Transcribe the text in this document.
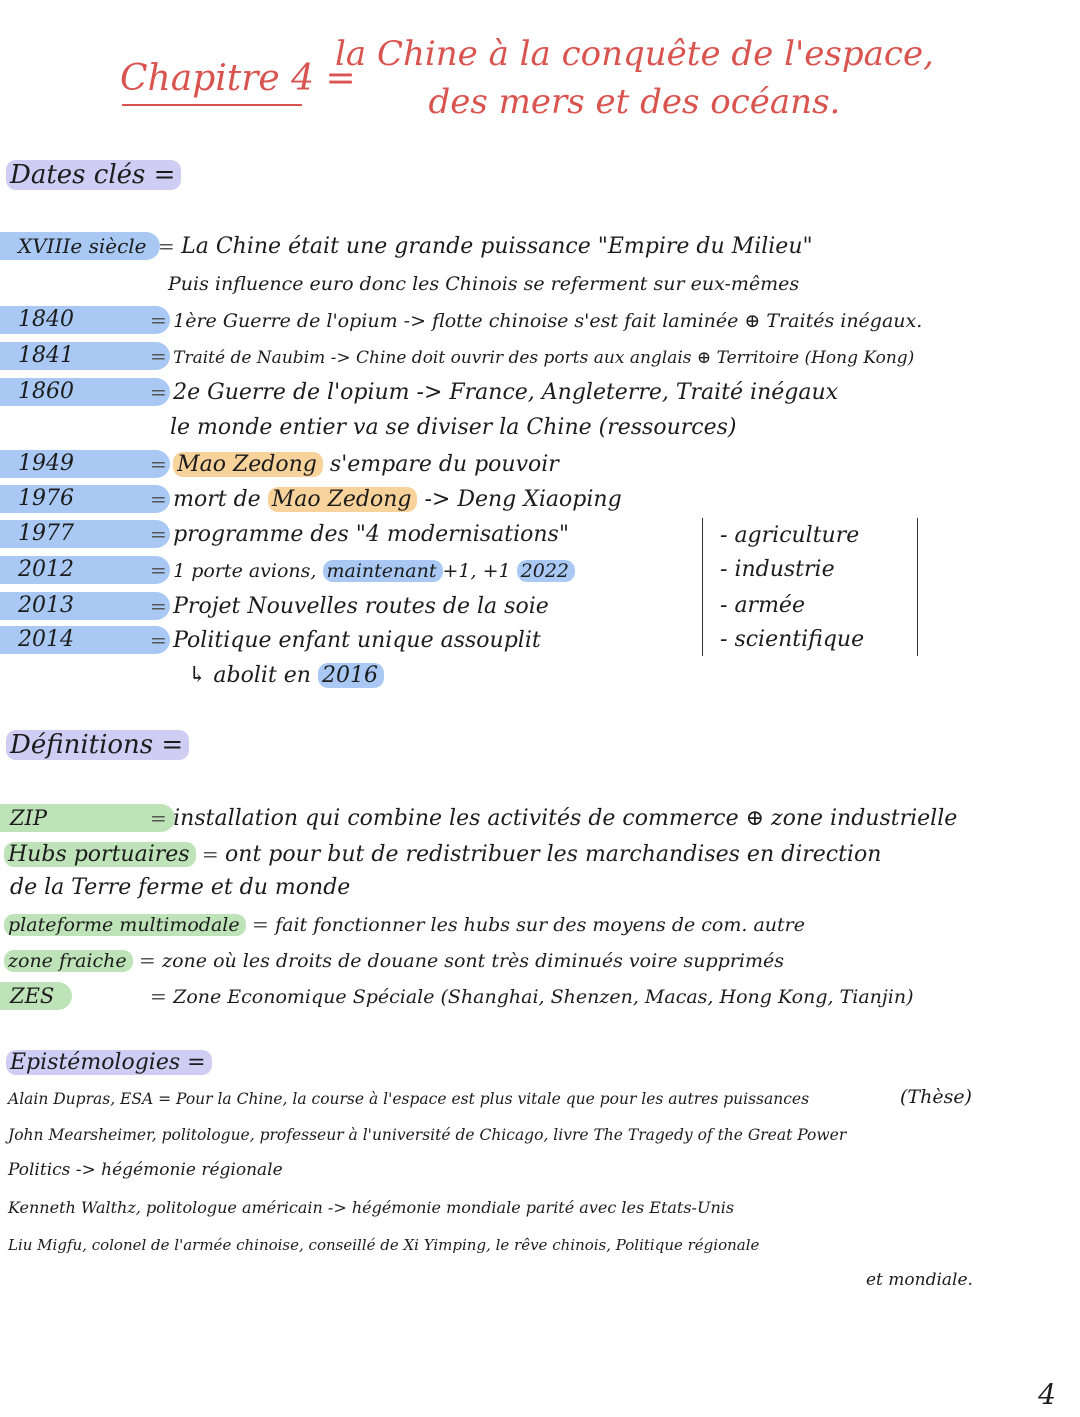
Chapitre 4 =
la Chine à la conquête de l'espace,
des mers et des océans.
Dates clés =
XVIIIe siècle = La Chine était une grande puissance "Empire du Milieu"
Puis influence euro donc les Chinois se referment sur eux-mêmes
1840	= 1ère Guerre de l'opium -> flotte chinoise s'est fait laminée ⊕ Traités inégaux.
1841	= Traité de Naubim -> Chine doit ouvrir des ports aux anglais ⊕ Territoire (Hong Kong)
1860	= 2e Guerre de l'opium -> France, Angleterre, Traité inégaux
le monde entier va se diviser la Chine (ressources)
1949	= Mao Zedong s'empare du pouvoir
1976	= mort de Mao Zedong -> Deng Xiaoping
1977	= programme des "4 modernisations"
2012	= 1 porte avions, maintenant +1, +1 2022
2013	= Projet Nouvelles routes de la soie
2014	= Politique enfant unique assouplit
↳ abolit en 2016
- agriculture
- industrie
- armée
- scientifique
Définitions =
ZIP	= installation qui combine les activités de commerce ⊕ zone industrielle
Hubs portuaires = ont pour but de redistribuer les marchandises en direction
de la Terre ferme et du monde
plateforme multimodale = fait fonctionner les hubs sur des moyens de com. autre
zone fraiche = zone où les droits de douane sont très diminués voire supprimés
ZES	= Zone Economique Spéciale (Shanghai, Shenzen, Macas, Hong Kong, Tianjin)
Epistémologies =
Alain Dupras, ESA = Pour la Chine, la course à l'espace est plus vitale que pour les autres puissances	(Thèse)
John Mearsheimer, politologue, professeur à l'université de Chicago, livre The Tragedy of the Great Power
Politics -> hégémonie régionale
Kenneth Walthz, politologue américain -> hégémonie mondiale parité avec les Etats-Unis
Liu Migfu, colonel de l'armée chinoise, conseillé de Xi Yimping, le rêve chinois, Politique régionale
et mondiale.
4
